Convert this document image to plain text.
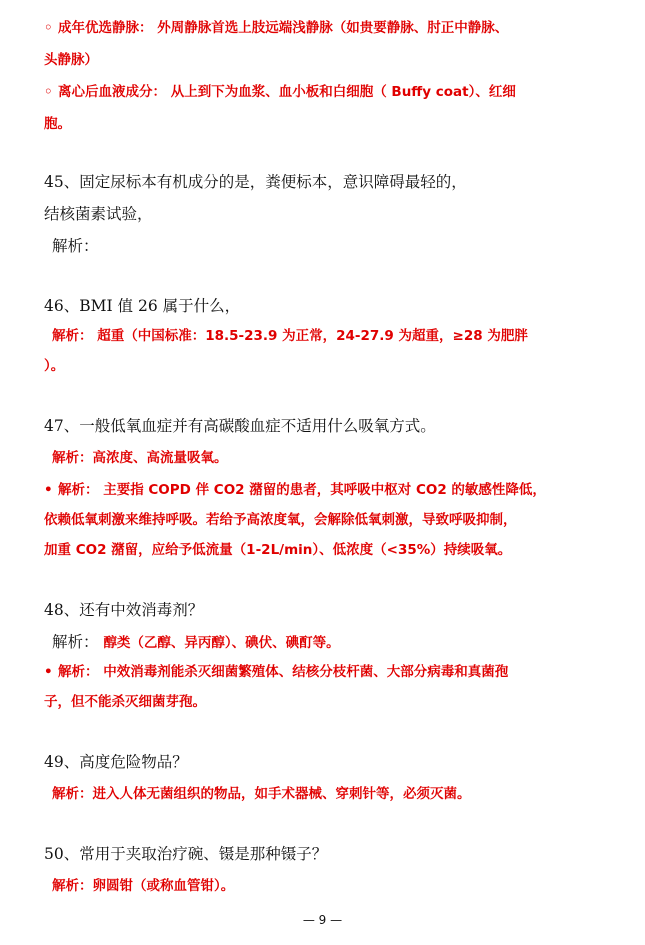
◦ 成年优选静脉： 外周静脉首选上肢远端浅静脉（如贵要静脉、肘正中静脉、
头静脉）
◦ 离心后血液成分： 从上到下为血浆、血小板和白细胞（ Buffy coat）、红细
胞。
45、固定尿标本有机成分的是，粪便标本，意识障碍最轻的，
结核菌素试验，
解析：
46、BMI 值 26 属于什么，
解析： 超重（中国标准：18.5-23.9 为正常，24-27.9 为超重，≥28 为肥胖
）。
47、一般低氧血症并有高碳酸血症不适用什么吸氧方式。
解析：高浓度、高流量吸氧。
• 解析： 主要指 COPD 伴 CO2 潴留的患者，其呼吸中枢对 CO2 的敏感性降低，
依赖低氧刺激来维持呼吸。若给予高浓度氧，会解除低氧刺激，导致呼吸抑制，
加重 CO2 潴留，应给予低流量（1-2L/min）、低浓度（<35%）持续吸氧。
48、还有中效消毒剂？
解析： 醇类（乙醇、异丙醇）、碘伏、碘酊等。
• 解析： 中效消毒剂能杀灭细菌繁殖体、结核分枝杆菌、大部分病毒和真菌孢
子，但不能杀灭细菌芽孢。
49、高度危险物品？
解析：进入人体无菌组织的物品，如手术器械、穿刺针等，必须灭菌。
50、常用于夹取治疗碗、镊是那种镊子？
解析：卵圆钳（或称血管钳）。
— 9 —
